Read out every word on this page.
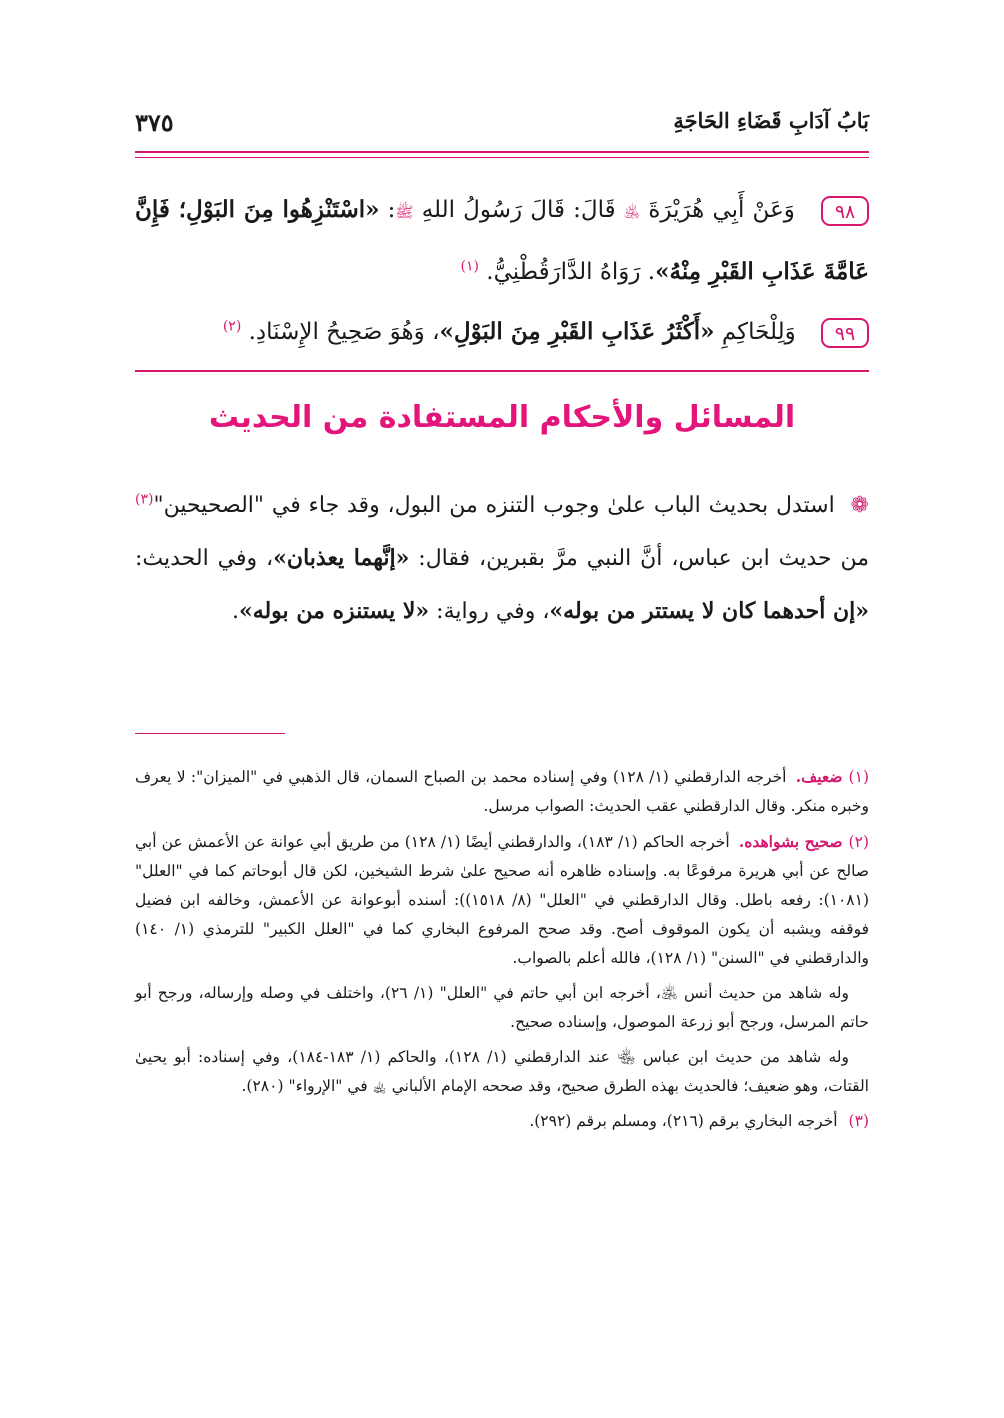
بَابُ آدَابِ قَضَاءِ الحَاجَةِ
٣٧٥
٩٨ وَعَنْ أَبِي هُرَيْرَةَ ﵁ قَالَ: قَالَ رَسُولُ اللهِ ﷺ: «اسْتَنْزِهُوا مِنَ البَوْلِ؛ فَإِنَّ عَامَّةَ عَذَابِ القَبْرِ مِنْهُ». رَوَاهُ الدَّارَقُطْنِيُّ. $^{(١)}$
٩٩ وَلِلْحَاكِمِ «أَكْثَرُ عَذَابِ القَبْرِ مِنَ البَوْلِ»، وَهُوَ صَحِيحُ الإِسْنَادِ. $^{(٢)}$
المسائل والأحكام المستفادة من الحديث
❁ استدل بحديث الباب علىٰ وجوب التنزه من البول، وقد جاء في "الصحيحين"$^{(٣)}$ من حديث ابن عباس، أنَّ النبي مرَّ بقبرين، فقال: «إنَّهما يعذبان»، وفي الحديث: «إن أحدهما كان لا يستتر من بوله»، وفي رواية: «لا يستنزه من بوله».

(١)ضعيف. أخرجه الدارقطني (١/ ١٢٨) وفي إسناده محمد بن الصباح السمان، قال الذهبي في "الميزان": لا يعرف وخبره منكر. وقال الدارقطني عقب الحديث: الصواب مرسل.

(٢)صحيح بشواهده. أخرجه الحاكم (١/ ١٨٣)، والدارقطني أيضًا (١/ ١٢٨) من طريق أبي عوانة عن الأعمش عن أبي صالح عن أبي هريرة مرفوعًا به. وإسناده ظاهره أنه صحيح علىٰ شرط الشيخين، لكن قال أبوحاتم كما في "العلل" (١٠٨١): رفعه باطل. وقال الدارقطني في "العلل" (٨/ ١٥١٨)): أسنده أبوعوانة عن الأعمش، وخالفه ابن فضيل فوقفه ويشبه أن يكون الموقوف أصح. وقد صحح المرفوع البخاري كما في "العلل الكبير" للترمذي (١/ ١٤٠) والدارقطني في "السنن" (١/ ١٢٨)، فالله أعلم بالصواب.

وله شاهد من حديث أنس ﵁، أخرجه ابن أبي حاتم في "العلل" (١/ ٢٦)، واختلف في وصله وإرساله، ورجح أبو حاتم المرسل، ورجح أبو زرعة الموصول، وإسناده صحيح.

وله شاهد من حديث ابن عباس ﵄ عند الدارقطني (١/ ١٢٨)، والحاكم (١/ ١٨٣-١٨٤)، وفي إسناده: أبو يحيىٰ القتات، وهو ضعيف؛ فالحديث بهذه الطرق صحيح، وقد صححه الإمام الألباني ﵀ في "الإرواء" (٢٨٠).

(٣) أخرجه البخاري برقم (٢١٦)، ومسلم برقم (٢٩٢).
